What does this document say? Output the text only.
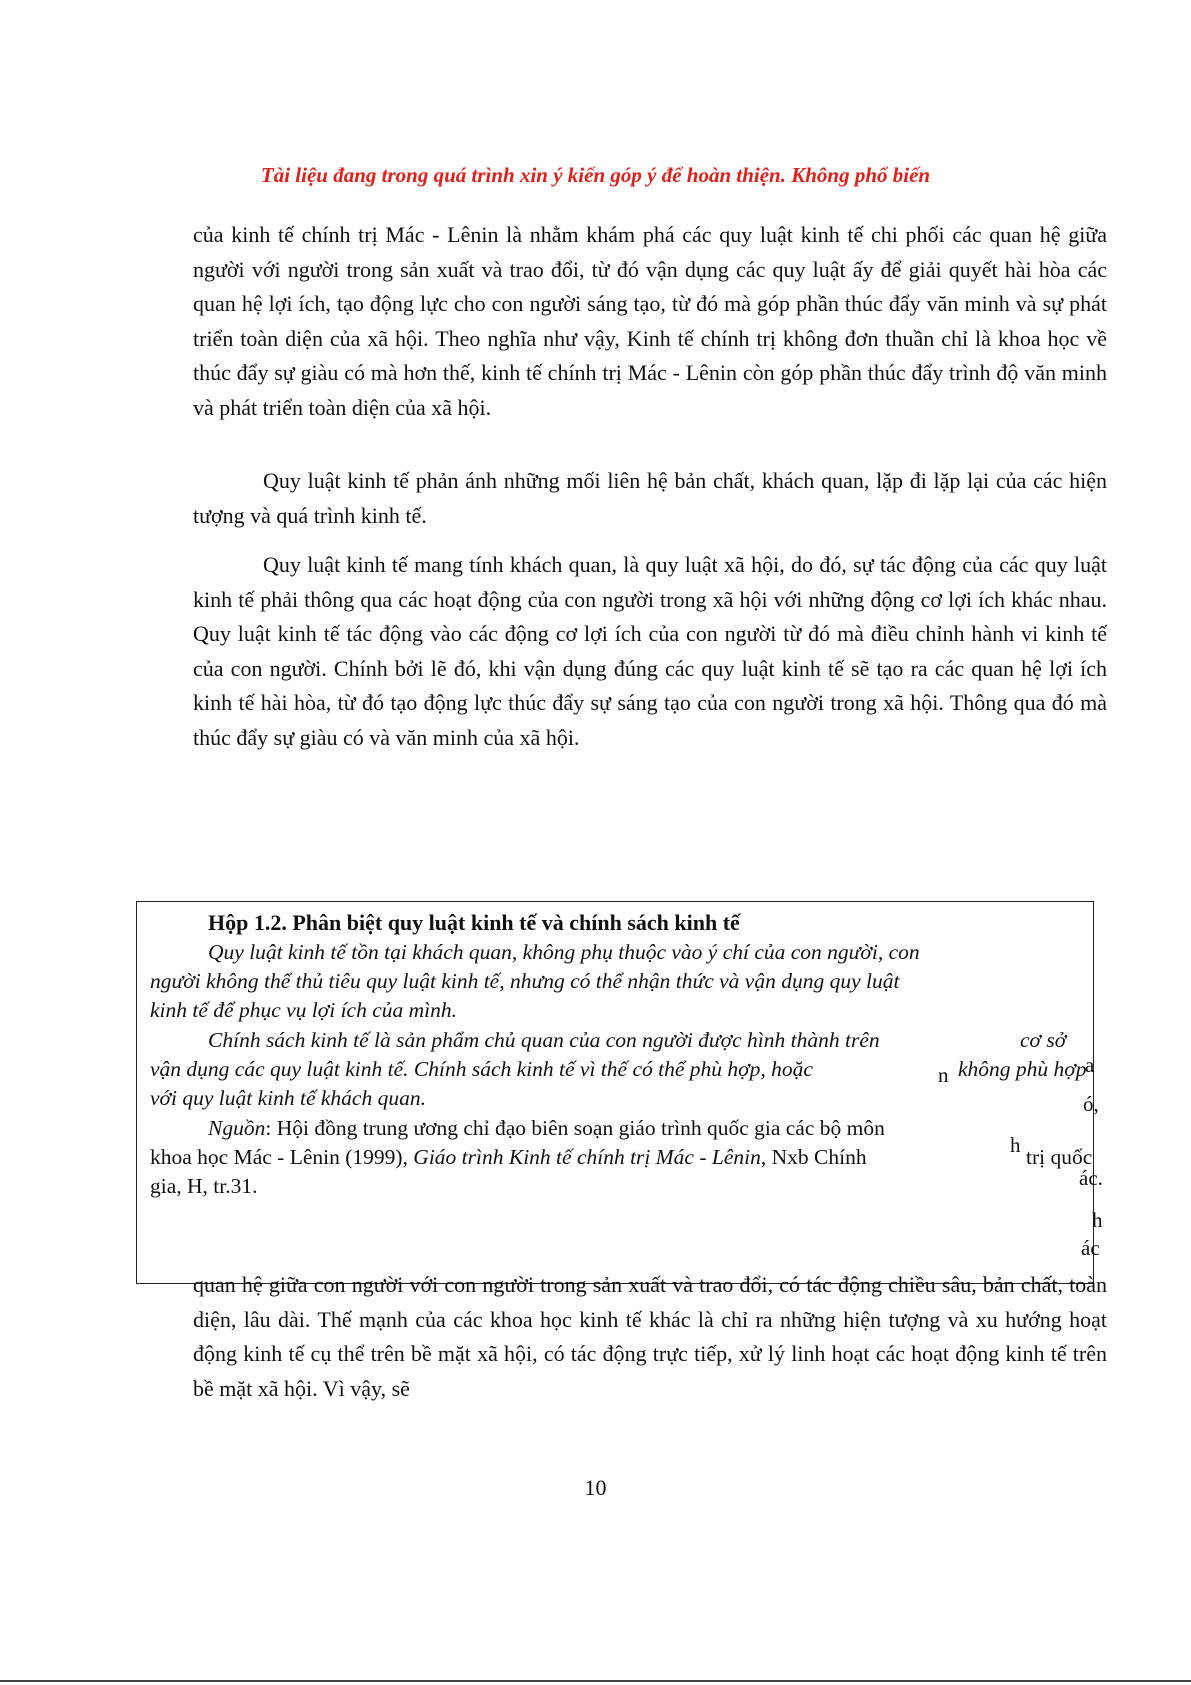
Tài liệu đang trong quá trình xin ý kiến góp ý để hoàn thiện. Không phổ biến

của kinh tế chính trị Mác - Lênin là nhằm khám phá các quy luật kinh tế chi phối các quan hệ giữa người với người trong sản xuất và trao đổi, từ đó vận dụng các quy luật ấy để giải quyết hài hòa các quan hệ lợi ích, tạo động lực cho con người sáng tạo, từ đó mà góp phần thúc đẩy văn minh và sự phát triển toàn diện của xã hội. Theo nghĩa như vậy, Kinh tế chính trị không đơn thuần chỉ là khoa học về thúc đẩy sự giàu có mà hơn thế, kinh tế chính trị Mác - Lênin còn góp phần thúc đẩy trình độ văn minh và phát triển toàn diện của xã hội.

Quy luật kinh tế phản ánh những mối liên hệ bản chất, khách quan, lặp đi lặp lại của các hiện tượng và quá trình kinh tế.

Quy luật kinh tế mang tính khách quan, là quy luật xã hội, do đó, sự tác động của các quy luật kinh tế phải thông qua các hoạt động của con người trong xã hội với những động cơ lợi ích khác nhau. Quy luật kinh tế tác động vào các động cơ lợi ích của con người từ đó mà điều chỉnh hành vi kinh tế của con người. Chính bởi lẽ đó, khi vận dụng đúng các quy luật kinh tế sẽ tạo ra các quan hệ lợi ích kinh tế hài hòa, từ đó tạo động lực thúc đẩy sự sáng tạo của con người trong xã hội. Thông qua đó mà thúc đẩy sự giàu có và văn minh của xã hội.

Hộp 1.2. Phân biệt quy luật kinh tế và chính sách kinh tế
Quy luật kinh tế tồn tại khách quan, không phụ thuộc vào ý chí của con người, con
người không thể thủ tiêu quy luật kinh tế, nhưng có thể nhận thức và vận dụng quy luật
kinh tế để phục vụ lợi ích của mình.
Chính sách kinh tế là sản phẩm chủ quan của con người được hình thành trên	cơ sở
vận dụng các quy luật kinh tế. Chính sách kinh tế vì thế có thể phù hợp, hoặc	không phù hợp
với quy luật kinh tế khách quan.
Nguồn: Hội đồng trung ương chỉ đạo biên soạn giáo trình quốc gia các bộ môn
khoa học Mác - Lênin (1999), Giáo trình Kinh tế chính trị Mác - Lênin, Nxb Chính	trị quốc
gia, H, tr.31.
n	a
ó,
h
ác.
h
ác

quan hệ giữa con người với con người trong sản xuất và trao đổi, có tác động chiều sâu, bản chất, toàn diện, lâu dài. Thế mạnh của các khoa học kinh tế khác là chỉ ra những hiện tượng và xu hướng hoạt động kinh tế cụ thể trên bề mặt xã hội, có tác động trực tiếp, xử lý linh hoạt các hoạt động kinh tế trên bề mặt xã hội. Vì vậy, sẽ

10
